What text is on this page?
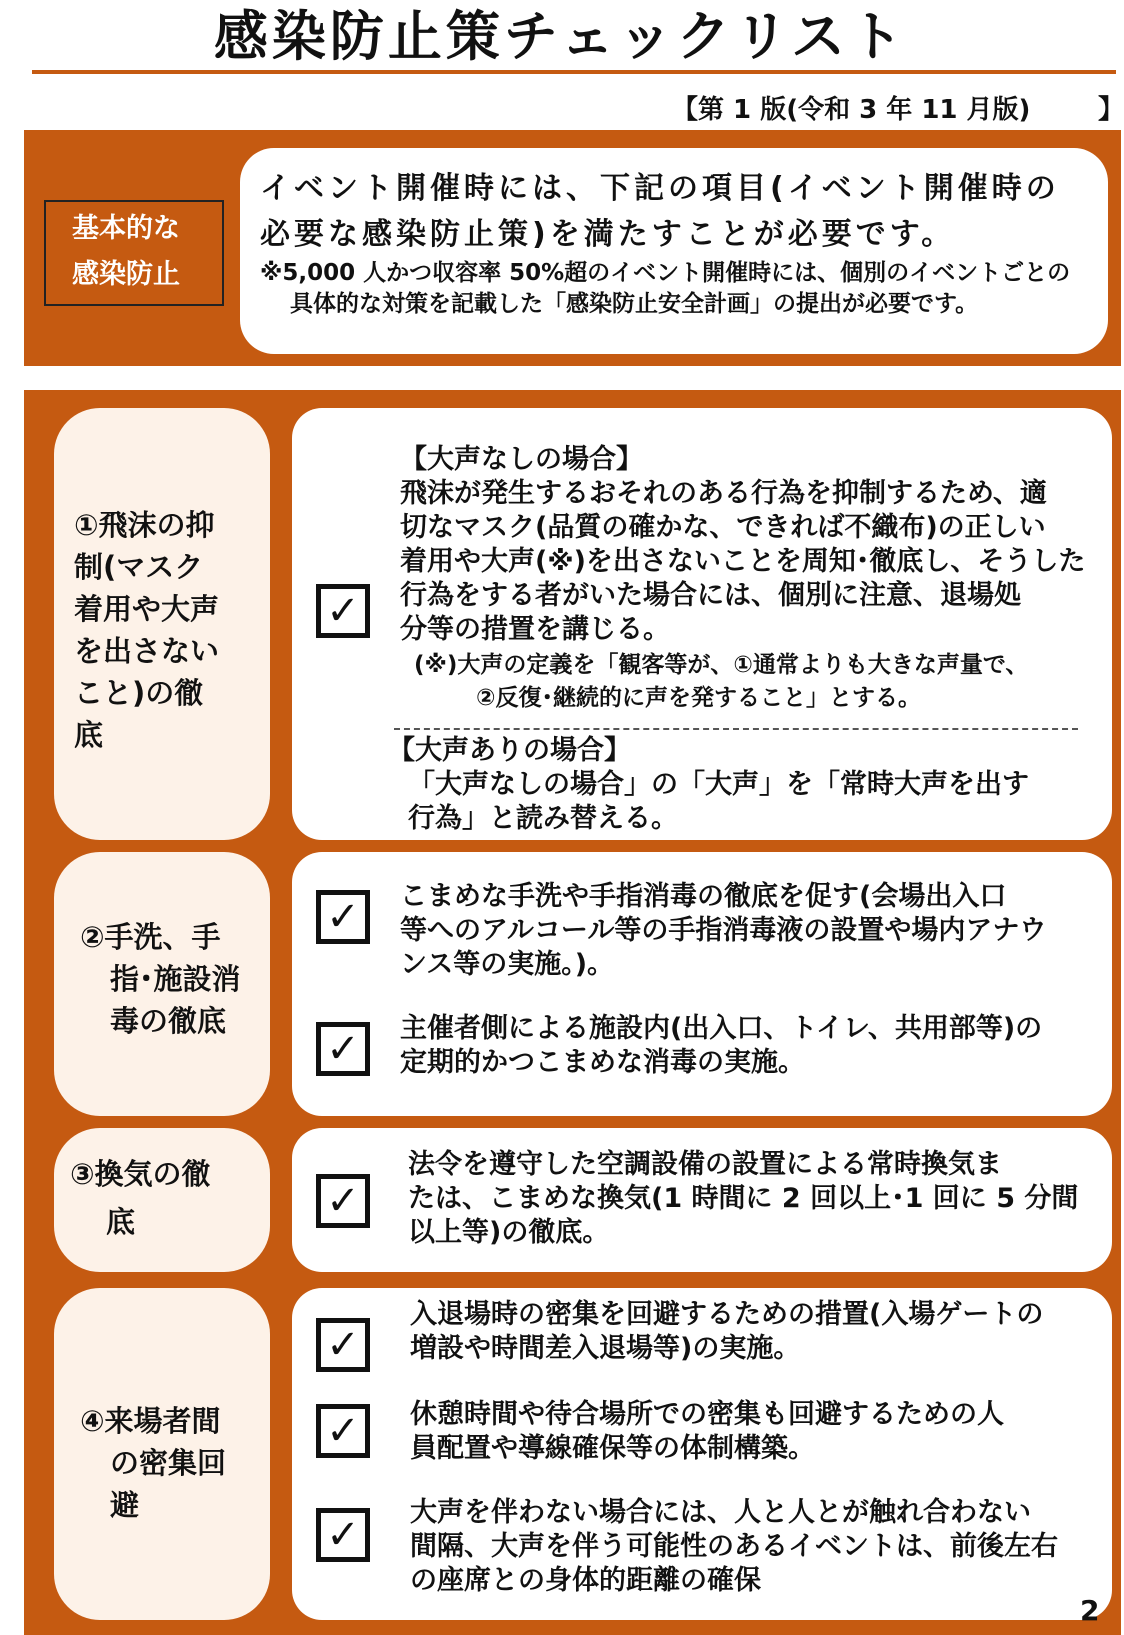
感染防止策チェックリスト
【第 1 版(令和 3 年 11 月版)	】
基本的な
感染防止
イベント開催時には、下記の項目(イベント開催時の
必要な感染防止策)を満たすことが必要です。
※5,000 人かつ収容率 50%超のイベント開催時には、個別のイベントごとの
具体的な対策を記載した「感染防止安全計画」の提出が必要です。
①飛沫の抑
制(マスク
着用や大声
を出さない
こと)の徹
底
✓
【大声なしの場合】
飛沫が発生するおそれのある行為を抑制するため、適
切なマスク(品質の確かな、できれば不織布)の正しい
着用や大声(※)を出さないことを周知･徹底し、そうした
行為をする者がいた場合には、個別に注意、退場処
分等の措置を講じる。
(※)大声の定義を「観客等が、①通常よりも大きな声量で、
②反復･継続的に声を発すること」とする。
【大声ありの場合】
「大声なしの場合」の「大声」を「常時大声を出す
行為」と読み替える。
②手洗、手
指･施設消
毒の徹底
✓	こまめな手洗や手指消毒の徹底を促す(会場出入口
等へのアルコール等の手指消毒液の設置や場内アナウ
ンス等の実施。)。
✓	主催者側による施設内(出入口、トイレ、共用部等)の
定期的かつこまめな消毒の実施。
③換気の徹
底	✓
法令を遵守した空調設備の設置による常時換気ま
たは、こまめな換気(1 時間に 2 回以上･1 回に 5 分間
以上等)の徹底。
④来場者間
の密集回
避
✓
入退場時の密集を回避するための措置(入場ゲートの
増設や時間差入退場等)の実施。
✓	休憩時間や待合場所での密集も回避するための人
員配置や導線確保等の体制構築。
✓	大声を伴わない場合には、人と人とが触れ合わない
間隔、大声を伴う可能性のあるイベントは、前後左右
の座席との身体的距離の確保
2
